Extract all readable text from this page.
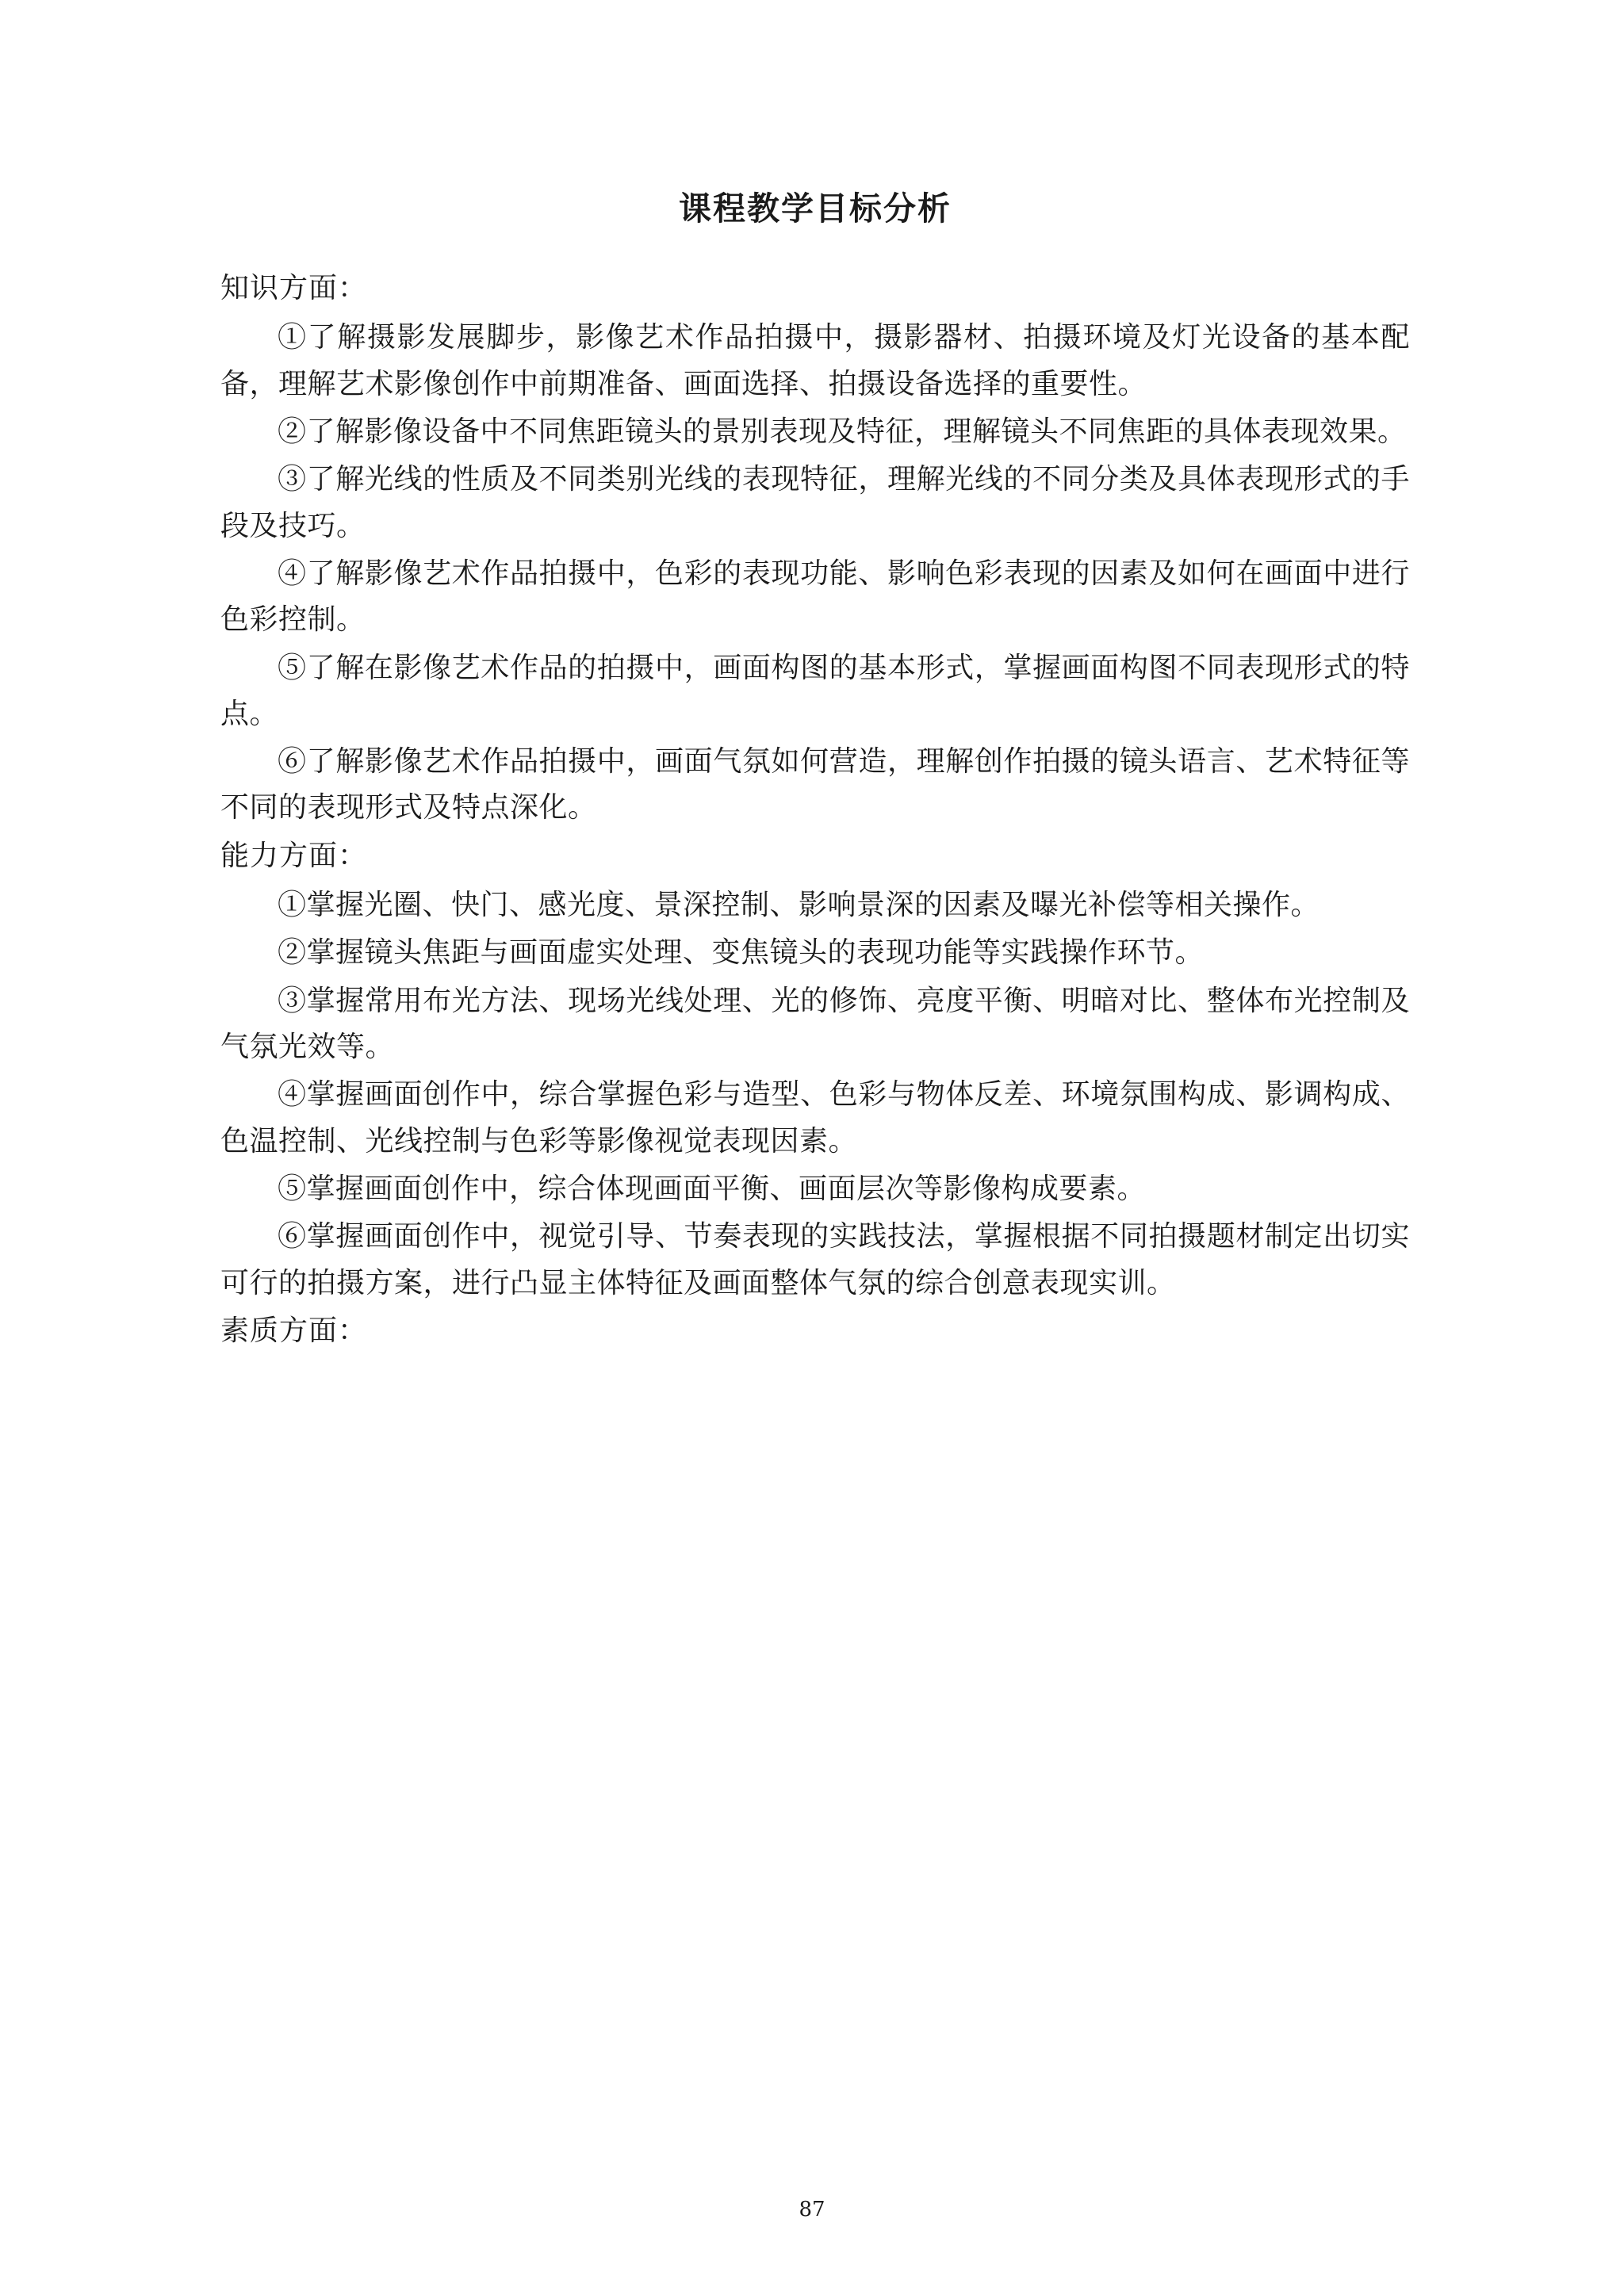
课程教学目标分析

知识方面：

①了解摄影发展脚步，影像艺术作品拍摄中，摄影器材、拍摄环境及灯光设备的基本配备，理解艺术影像创作中前期准备、画面选择、拍摄设备选择的重要性。

②了解影像设备中不同焦距镜头的景别表现及特征，理解镜头不同焦距的具体表现效果。

③了解光线的性质及不同类别光线的表现特征，理解光线的不同分类及具体表现形式的手段及技巧。

④了解影像艺术作品拍摄中，色彩的表现功能、影响色彩表现的因素及如何在画面中进行色彩控制。

⑤了解在影像艺术作品的拍摄中，画面构图的基本形式，掌握画面构图不同表现形式的特点。

⑥了解影像艺术作品拍摄中，画面气氛如何营造，理解创作拍摄的镜头语言、艺术特征等不同的表现形式及特点深化。

能力方面：

①掌握光圈、快门、感光度、景深控制、影响景深的因素及曝光补偿等相关操作。

②掌握镜头焦距与画面虚实处理、变焦镜头的表现功能等实践操作环节。

③掌握常用布光方法、现场光线处理、光的修饰、亮度平衡、明暗对比、整体布光控制及气氛光效等。

④掌握画面创作中，综合掌握色彩与造型、色彩与物体反差、环境氛围构成、影调构成、色温控制、光线控制与色彩等影像视觉表现因素。

⑤掌握画面创作中，综合体现画面平衡、画面层次等影像构成要素。

⑥掌握画面创作中，视觉引导、节奏表现的实践技法，掌握根据不同拍摄题材制定出切实可行的拍摄方案，进行凸显主体特征及画面整体气氛的综合创意表现实训。

素质方面：

87
